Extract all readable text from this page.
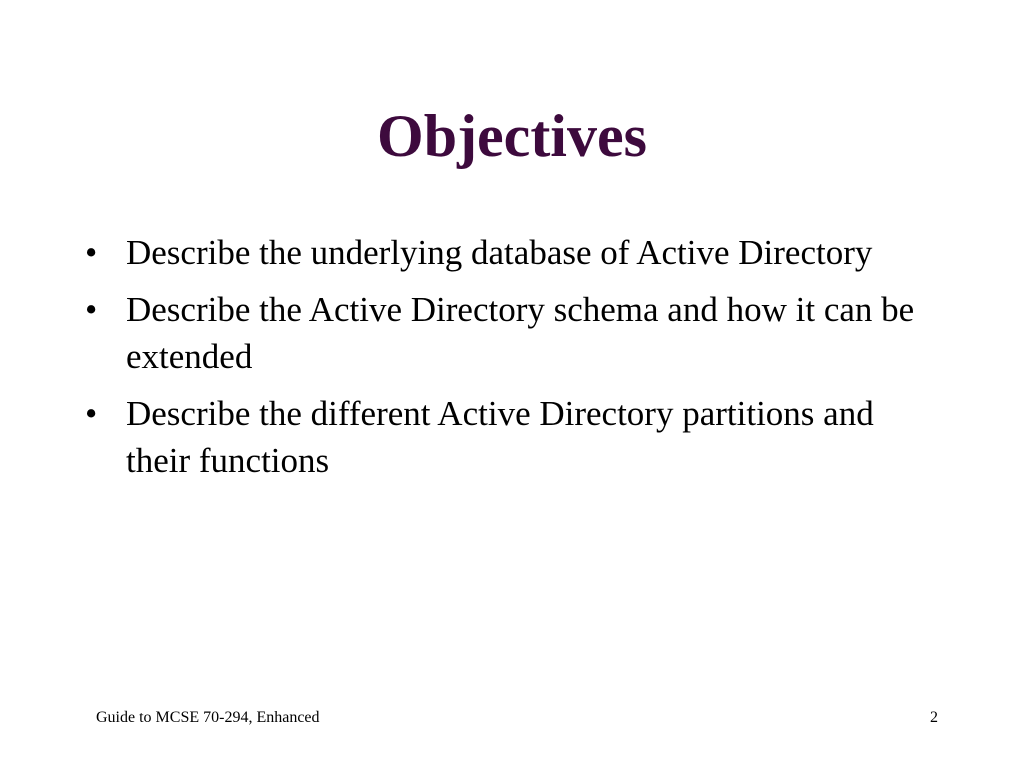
Objectives
• Describe the underlying database of Active Directory
• Describe the Active Directory schema and how it can be extended
• Describe the different Active Directory partitions and their functions
Guide to MCSE 70-294, Enhanced	2
